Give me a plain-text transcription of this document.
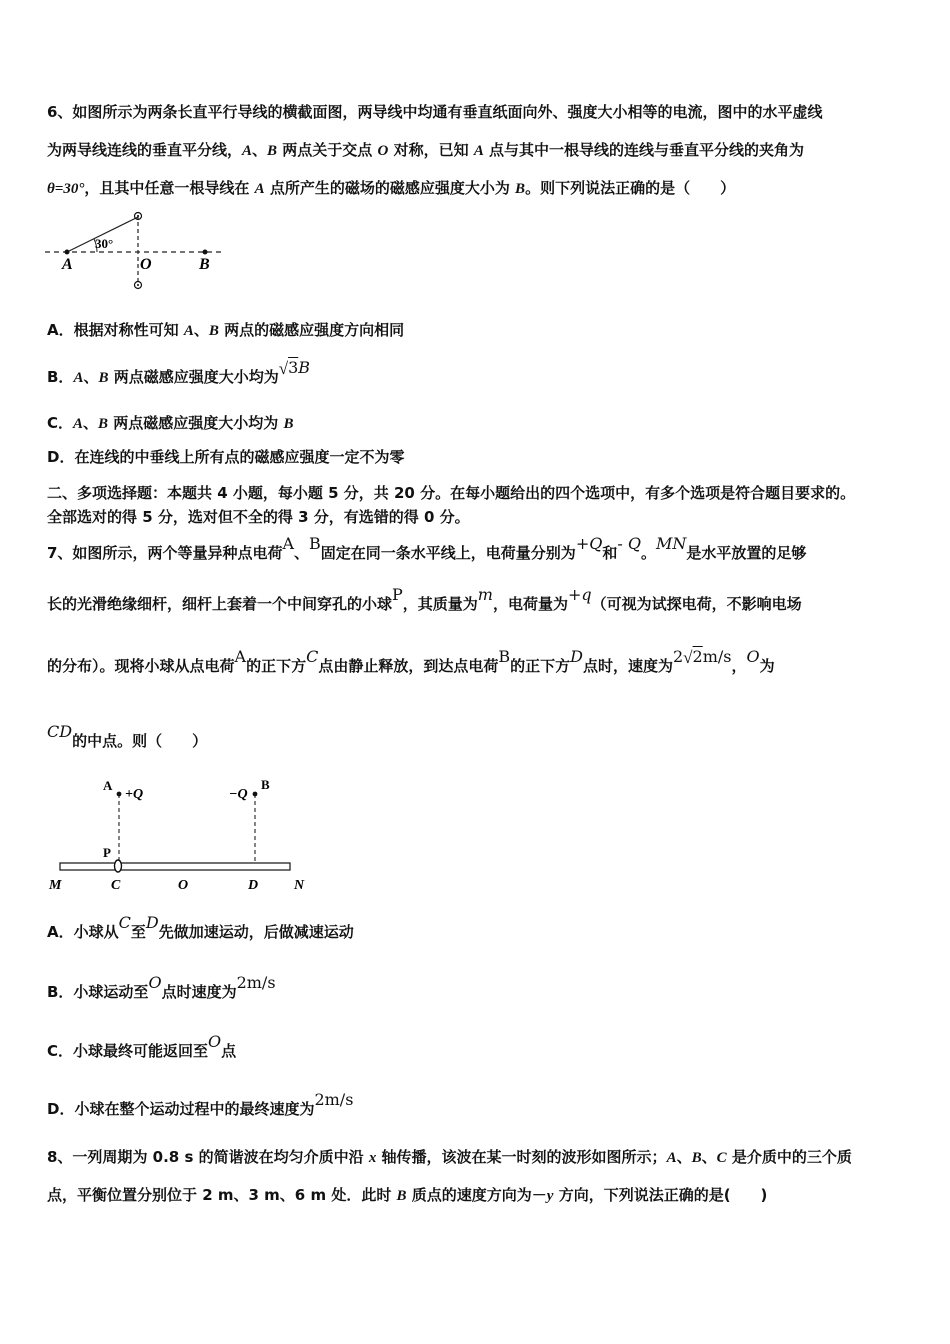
6、如图所示为两条长直平行导线的横截面图，两导线中均通有垂直纸面向外、强度大小相等的电流，图中的水平虚线
为两导线连线的垂直平分线，A、B 两点关于交点 O 对称，已知 A 点与其中一根导线的连线与垂直平分线的夹角为
θ=30°，且其中任意一根导线在 A 点所产生的磁场的磁感应强度大小为 B。则下列说法正确的是（　　）
30°
A	O	B
A．根据对称性可知 A、B 两点的磁感应强度方向相同
B．A、B 两点磁感应强度大小均为√3B
C．A、B 两点磁感应强度大小均为 B
D．在连线的中垂线上所有点的磁感应强度一定不为零
二、多项选择题：本题共 4 小题，每小题 5 分，共 20 分。在每小题给出的四个选项中，有多个选项是符合题目要求的。
全部选对的得 5 分，选对但不全的得 3 分，有选错的得 0 分。
7、如图所示，两个等量异种点电荷A、B固定在同一条水平线上，电荷量分别为+Q和- Q。MN是水平放置的足够
长的光滑绝缘细杆，细杆上套着一个中间穿孔的小球P，其质量为m，电荷量为+q（可视为试探电荷，不影响电场
的分布）。现将小球从点电荷A的正下方C点由静止释放，到达点电荷B的正下方D点时，速度为2√2m/s，O为
CD的中点。则（　　）
A
+Q	−Q
B
P
M	C	O	D	N
A．小球从C至D先做加速运动，后做减速运动
B．小球运动至O点时速度为2m/s
C．小球最终可能返回至O点
D．小球在整个运动过程中的最终速度为2m/s
8、一列周期为 0.8 s 的简谐波在均匀介质中沿 x 轴传播，该波在某一时刻的波形如图所示；A、B、C 是介质中的三个质
点，平衡位置分别位于 2 m、3 m、6 m 处．此时 B 质点的速度方向为－y 方向，下列说法正确的是(　　)
